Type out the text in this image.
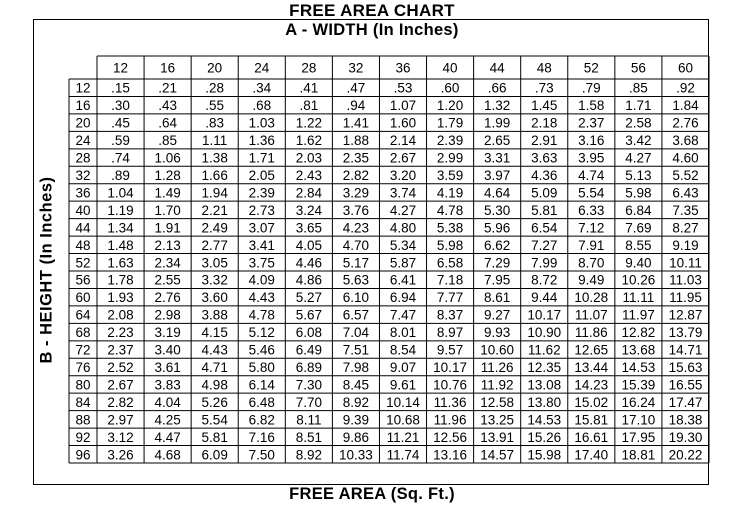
FREE AREA CHART
A - WIDTH (In Inches)
B - HEIGHT (In Inches)
12 16 20 24 28 32 36 40 44 48 52 56 60
12 .15 .21 .28 .34 .41 .47 .53 .60 .66 .73 .79 .85 .92
16 .30 .43 .55 .68 .81 .94 1.07 1.20 1.32 1.45 1.58 1.71 1.84
20 .45 .64 .83 1.03 1.22 1.41 1.60 1.79 1.99 2.18 2.37 2.58 2.76
24 .59 .85 1.11 1.36 1.62 1.88 2.14 2.39 2.65 2.91 3.16 3.42 3.68
28 .74 1.06 1.38 1.71 2.03 2.35 2.67 2.99 3.31 3.63 3.95 4.27 4.60
32 .89 1.28 1.66 2.05 2.43 2.82 3.20 3.59 3.97 4.36 4.74 5.13 5.52
36 1.04 1.49 1.94 2.39 2.84 3.29 3.74 4.19 4.64 5.09 5.54 5.98 6.43
40 1.19 1.70 2.21 2.73 3.24 3.76 4.27 4.78 5.30 5.81 6.33 6.84 7.35
44 1.34 1.91 2.49 3.07 3.65 4.23 4.80 5.38 5.96 6.54 7.12 7.69 8.27
48 1.48 2.13 2.77 3.41 4.05 4.70 5.34 5.98 6.62 7.27 7.91 8.55 9.19
52 1.63 2.34 3.05 3.75 4.46 5.17 5.87 6.58 7.29 7.99 8.70 9.40 10.11
56 1.78 2.55 3.32 4.09 4.86 5.63 6.41 7.18 7.95 8.72 9.49 10.26 11.03
60 1.93 2.76 3.60 4.43 5.27 6.10 6.94 7.77 8.61 9.44 10.28 11.11 11.95
64 2.08 2.98 3.88 4.78 5.67 6.57 7.47 8.37 9.27 10.17 11.07 11.97 12.87
68 2.23 3.19 4.15 5.12 6.08 7.04 8.01 8.97 9.93 10.90 11.86 12.82 13.79
72 2.37 3.40 4.43 5.46 6.49 7.51 8.54 9.57 10.60 11.62 12.65 13.68 14.71
76 2.52 3.61 4.71 5.80 6.89 7.98 9.07 10.17 11.26 12.35 13.44 14.53 15.63
80 2.67 3.83 4.98 6.14 7.30 8.45 9.61 10.76 11.92 13.08 14.23 15.39 16.55
84 2.82 4.04 5.26 6.48 7.70 8.92 10.14 11.36 12.58 13.80 15.02 16.24 17.47
88 2.97 4.25 5.54 6.82 8.11 9.39 10.68 11.96 13.25 14.53 15.81 17.10 18.38
92 3.12 4.47 5.81 7.16 8.51 9.86 11.21 12.56 13.91 15.26 16.61 17.95 19.30
96 3.26 4.68 6.09 7.50 8.92 10.33 11.74 13.16 14.57 15.98 17.40 18.81 20.22
FREE AREA (Sq. Ft.)
